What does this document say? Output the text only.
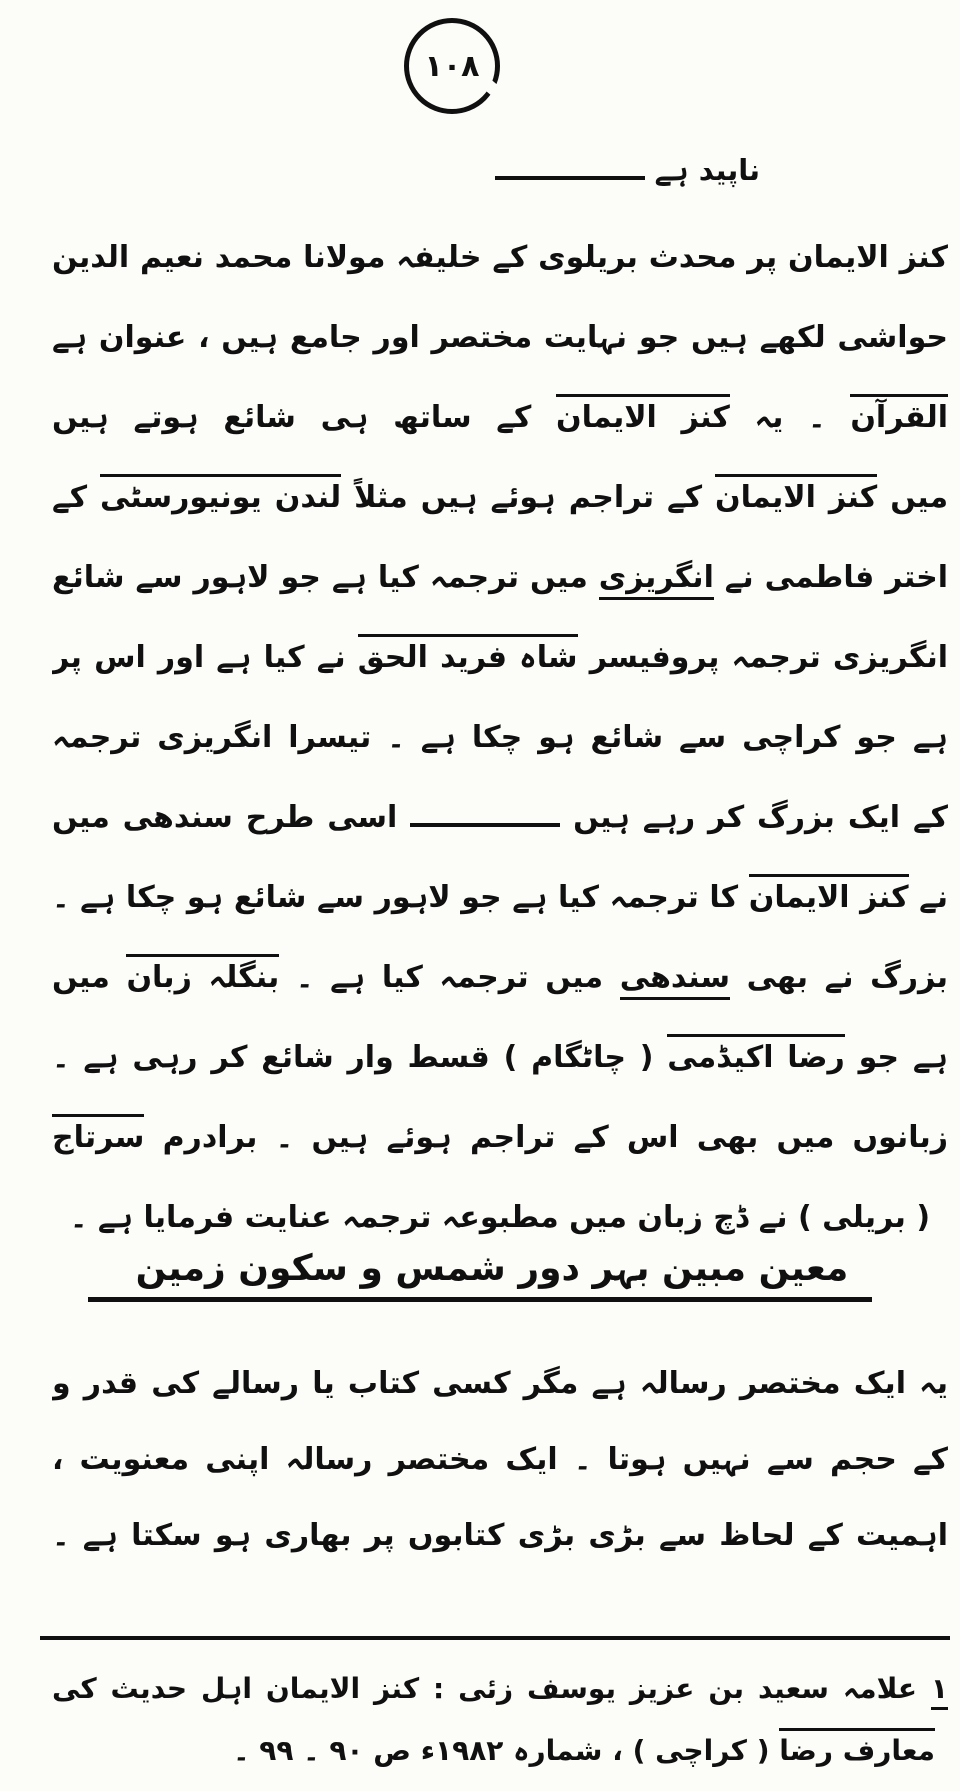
۱۰۸
ناپید ہے
کنز الایمان پر محدث بریلوی کے خلیفہ مولانا محمد نعیم الدین
حواشی لکھے ہیں جو نہایت مختصر اور جامع ہیں ، عنوان ہے
القرآن ۔ یہ کنز الایمان کے ساتھ ہی شائع ہوتے ہیں
میں کنز الایمان کے تراجم ہوئے ہیں مثلاً لندن یونیورسٹی کے
اختر فاطمی نے انگریزی میں ترجمہ کیا ہے جو لاہور سے شائع
انگریزی ترجمہ پروفیسر شاہ فرید الحق نے کیا ہے اور اس پر
ہے جو کراچی سے شائع ہو چکا ہے ۔ تیسرا انگریزی ترجمہ
کے ایک بزرگ کر رہے ہیں  اسی طرح سندھی میں
نے کنز الایمان کا ترجمہ کیا ہے جو لاہور سے شائع ہو چکا ہے ۔
بزرگ نے بھی سندھی میں ترجمہ کیا ہے ۔ بنگلہ زبان میں
ہے جو رضا اکیڈمی ( چاٹگام ) قسط وار شائع کر رہی ہے ۔
زبانوں میں بھی اس کے تراجم ہوئے ہیں ۔ برادرم سرتاج
( بریلی ) نے ڈچ زبان میں مطبوعہ ترجمہ عنایت فرمایا ہے ۔
معین مبین بہر دور شمس و سکون زمین
یہ ایک مختصر رسالہ ہے مگر کسی کتاب یا رسالے کی قدر و
کے حجم سے نہیں ہوتا ۔ ایک مختصر رسالہ اپنی معنویت ،
اہمیت کے لحاظ سے بڑی بڑی کتابوں پر بھاری ہو سکتا ہے ۔
۱ علامہ سعید بن عزیز یوسف زئی : کنز الایمان اہل حدیث کی
معارف رضا ( کراچی ) ، شمارہ ۱۹۸۲ء ص ۹۰ ۔ ۹۹ ۔
